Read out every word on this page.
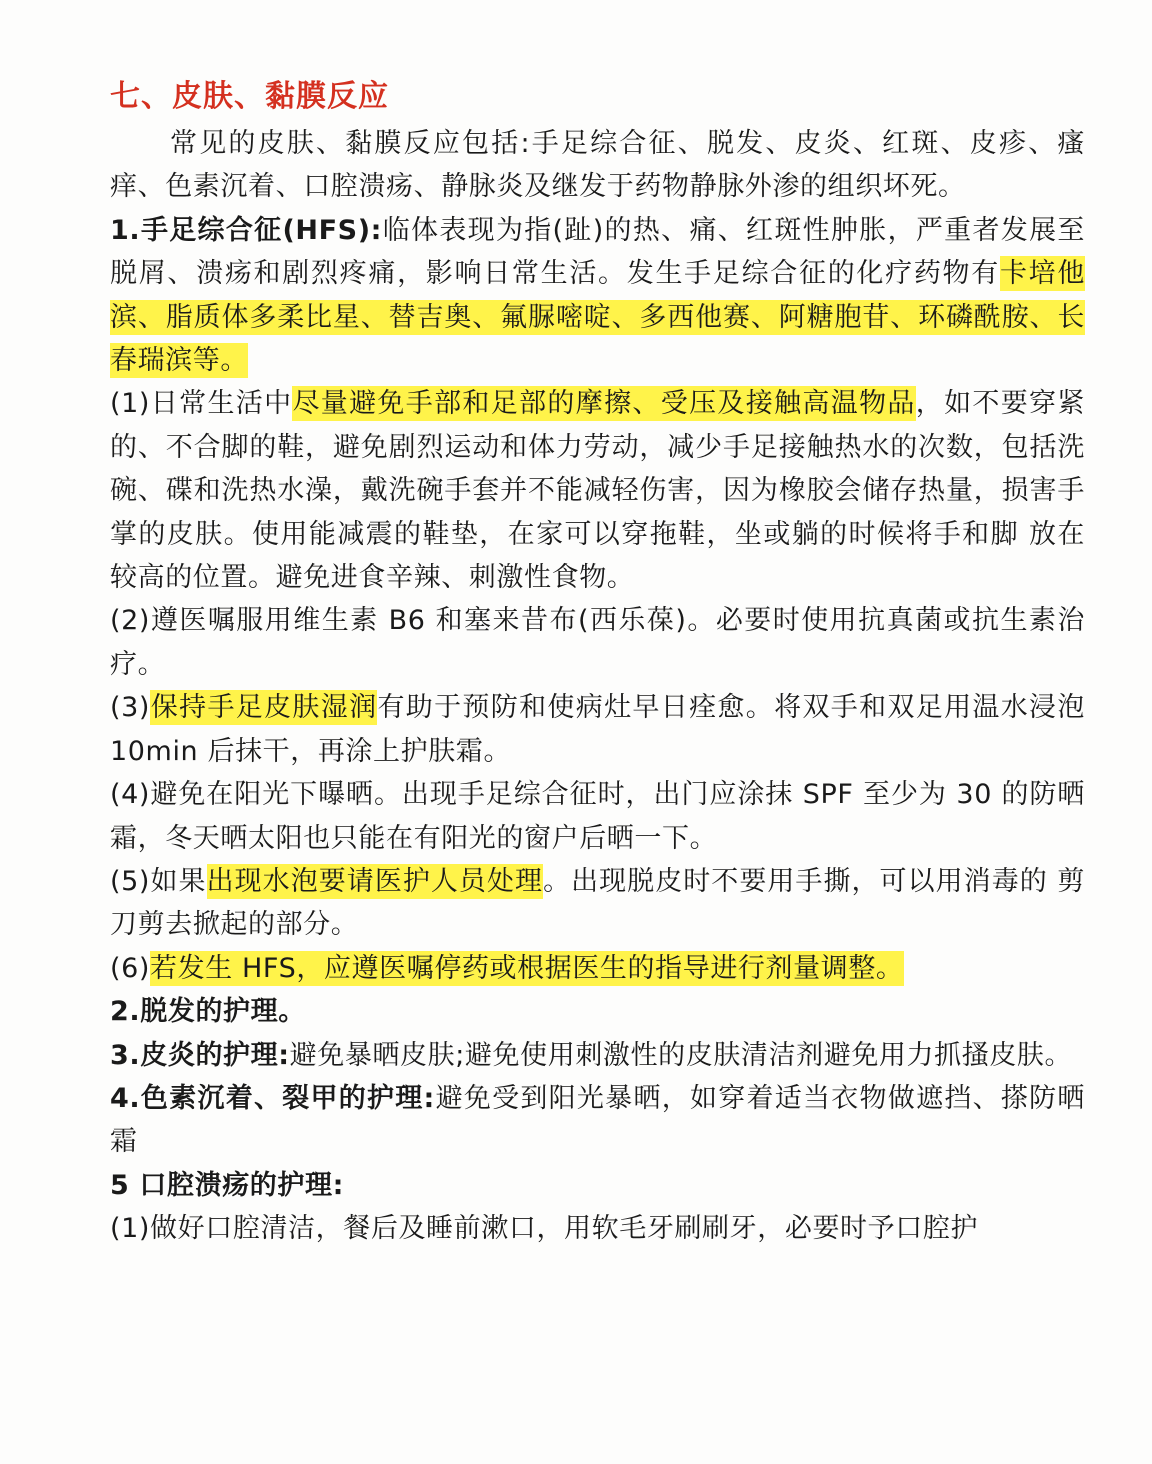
七、皮肤、黏膜反应

常见的皮肤、黏膜反应包括:手足综合征、脱发、皮炎、红斑、皮疹、瘙痒、色素沉着、口腔溃疡、静脉炎及继发于药物静脉外渗的组织坏死。

1.手足综合征(HFS):临体表现为指(趾)的热、痛、红斑性肿胀，严重者发展至脱屑、溃疡和剧烈疼痛，影响日常生活。发生手足综合征的化疗药物有卡培他滨、脂质体多柔比星、替吉奥、氟脲嘧啶、多西他赛、阿糖胞苷、环磷酰胺、长春瑞滨等。

(1)日常生活中尽量避免手部和足部的摩擦、受压及接触高温物品，如不要穿紧的、不合脚的鞋，避免剧烈运动和体力劳动，减少手足接触热水的次数，包括洗碗、碟和洗热水澡，戴洗碗手套并不能减轻伤害，因为橡胶会储存热量，损害手掌的皮肤。使用能减震的鞋垫，在家可以穿拖鞋，坐或躺的时候将手和脚 放在较高的位置。避免进食辛辣、刺激性食物。

(2)遵医嘱服用维生素 B6 和塞来昔布(西乐葆)。必要时使用抗真菌或抗生素治疗。

(3)保持手足皮肤湿润有助于预防和使病灶早日痊愈。将双手和双足用温水浸泡 10min 后抹干，再涂上护肤霜。

(4)避免在阳光下曝晒。出现手足综合征时，出门应涂抹 SPF 至少为 30 的防晒霜，冬天晒太阳也只能在有阳光的窗户后晒一下。

(5)如果出现水泡要请医护人员处理。出现脱皮时不要用手撕，可以用消毒的 剪刀剪去掀起的部分。

(6)若发生 HFS，应遵医嘱停药或根据医生的指导进行剂量调整。

2.脱发的护理。

3.皮炎的护理:避免暴晒皮肤;避免使用刺激性的皮肤清洁剂避免用力抓搔皮肤。

4.色素沉着、裂甲的护理:避免受到阳光暴晒，如穿着适当衣物做遮挡、搽防晒霜

5 口腔溃疡的护理:

(1)做好口腔清洁，餐后及睡前漱口，用软毛牙刷刷牙，必要时予口腔护
